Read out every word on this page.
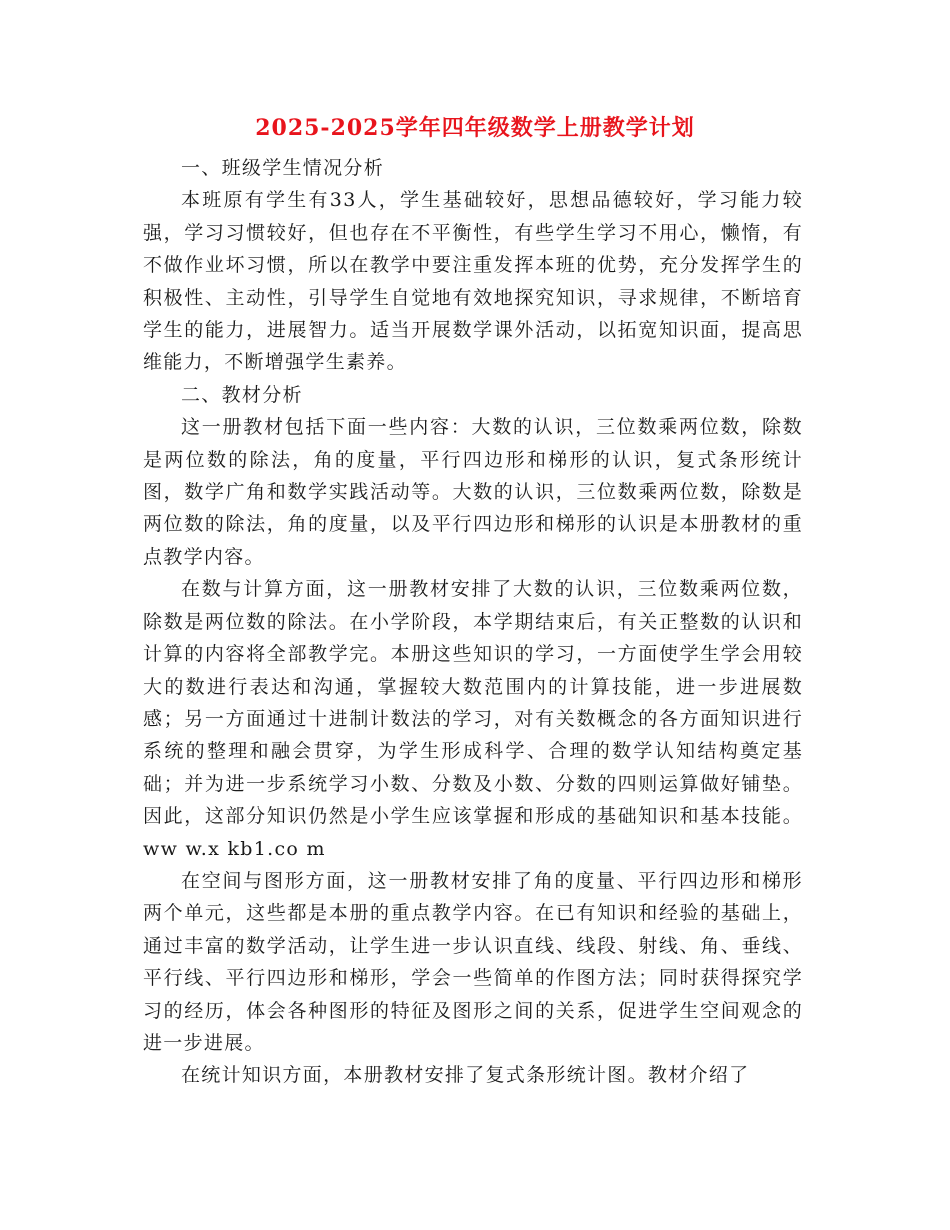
2025-2025学年四年级数学上册教学计划

一、班级学生情况分析

本班原有学生有33人，学生基础较好，思想品德较好，学习能力较强，学习习惯较好，但也存在不平衡性，有些学生学习不用心，懒惰，有不做作业坏习惯，所以在教学中要注重发挥本班的优势，充分发挥学生的积极性、主动性，引导学生自觉地有效地探究知识，寻求规律，不断培育学生的能力，进展智力。适当开展数学课外活动，以拓宽知识面，提高思维能力，不断增强学生素养。

二、教材分析

这一册教材包括下面一些内容：大数的认识，三位数乘两位数，除数是两位数的除法，角的度量，平行四边形和梯形的认识，复式条形统计图，数学广角和数学实践活动等。大数的认识，三位数乘两位数，除数是两位数的除法，角的度量，以及平行四边形和梯形的认识是本册教材的重点教学内容。

在数与计算方面，这一册教材安排了大数的认识，三位数乘两位数，除数是两位数的除法。在小学阶段，本学期结束后，有关正整数的认识和计算的内容将全部教学完。本册这些知识的学习，一方面使学生学会用较大的数进行表达和沟通，掌握较大数范围内的计算技能，进一步进展数感；另一方面通过十进制计数法的学习，对有关数概念的各方面知识进行系统的整理和融会贯穿，为学生形成科学、合理的数学认知结构奠定基础；并为进一步系统学习小数、分数及小数、分数的四则运算做好铺垫。因此，这部分知识仍然是小学生应该掌握和形成的基础知识和基本技能。ww w.x kb1.co m

在空间与图形方面，这一册教材安排了角的度量、平行四边形和梯形两个单元，这些都是本册的重点教学内容。在已有知识和经验的基础上，通过丰富的数学活动，让学生进一步认识直线、线段、射线、角、垂线、平行线、平行四边形和梯形，学会一些简单的作图方法；同时获得探究学习的经历，体会各种图形的特征及图形之间的关系，促进学生空间观念的进一步进展。

在统计知识方面，本册教材安排了复式条形统计图。教材介绍了
